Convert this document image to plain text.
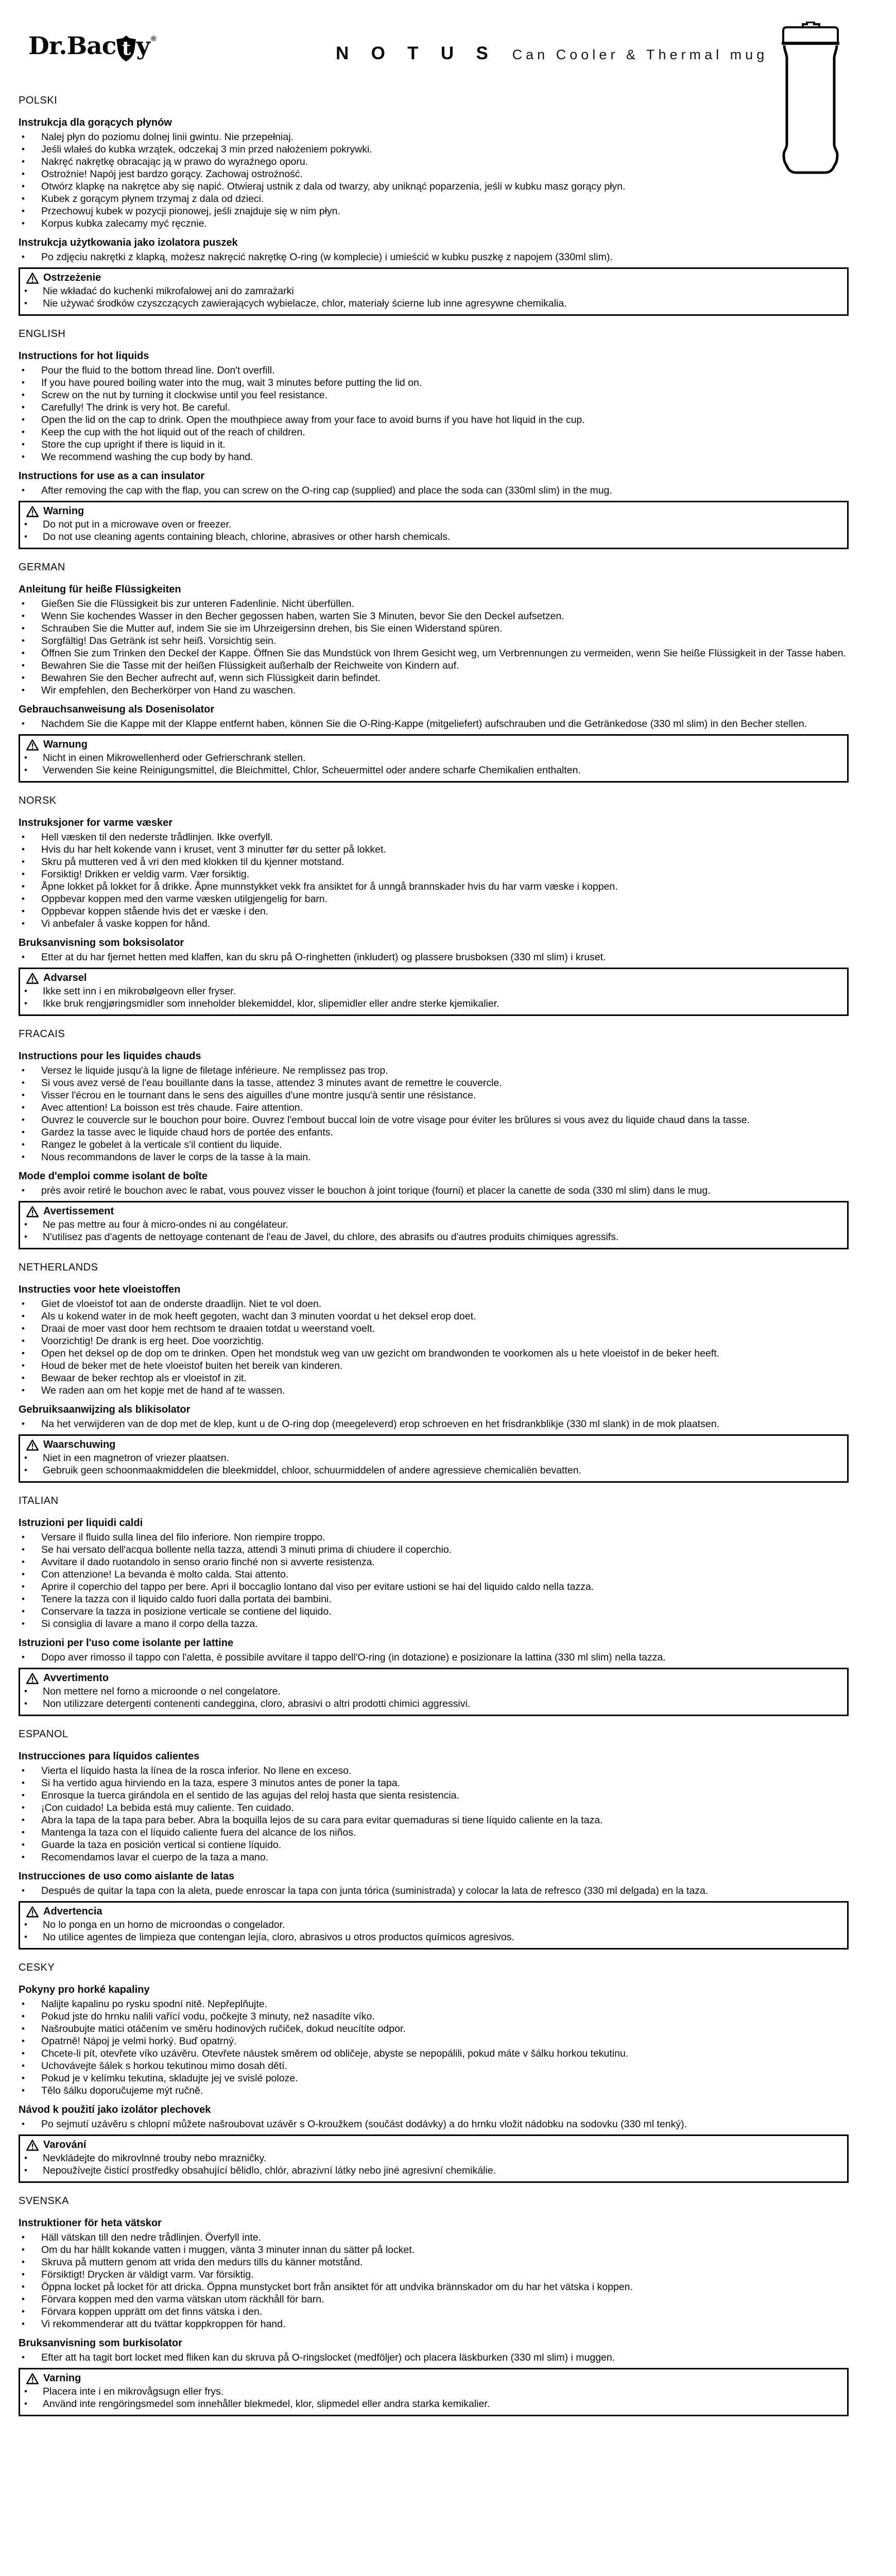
Dr.Bac t y®
N O T U S Can Cooler & Thermal mug
POLSKI
Instrukcja dla gorących płynów
• Nalej płyn do poziomu dolnej linii gwintu. Nie przepełniaj.
• Jeśli wlałeś do kubka wrzątek, odczekaj 3 min przed nałożeniem pokrywki.
• Nakręć nakrętkę obracając ją w prawo do wyraźnego oporu.
• Ostrożnie! Napój jest bardzo gorący. Zachowaj ostrożność.
• Otwórz klapkę na nakrętce aby się napić. Otwieraj ustnik z dala od twarzy, aby uniknąć poparzenia, jeśli w kubku masz gorący płyn.
• Kubek z gorącym płynem trzymaj z dala od dzieci.
• Przechowuj kubek w pozycji pionowej, jeśli znajduje się w nim płyn.
• Korpus kubka zalecamy myć ręcznie.
Instrukcja użytkowania jako izolatora puszek
• Po zdjęciu nakrętki z klapką, możesz nakręcić nakrętkę O-ring (w komplecie) i umieścić w kubku puszkę z napojem (330ml slim).
Ostrzeżenie
• Nie wkładać do kuchenki mikrofalowej ani do zamrażarki
• Nie używać środków czyszczących zawierających wybielacze, chlor, materiały ścierne lub inne agresywne chemikalia.
ENGLISH
Instructions for hot liquids
• Pour the fluid to the bottom thread line. Don't overfill.
• If you have poured boiling water into the mug, wait 3 minutes before putting the lid on.
• Screw on the nut by turning it clockwise until you feel resistance.
• Carefully! The drink is very hot. Be careful.
• Open the lid on the cap to drink. Open the mouthpiece away from your face to avoid burns if you have hot liquid in the cup.
• Keep the cup with the hot liquid out of the reach of children.
• Store the cup upright if there is liquid in it.
• We recommend washing the cup body by hand.
Instructions for use as a can insulator
• After removing the cap with the flap, you can screw on the O-ring cap (supplied) and place the soda can (330ml slim) in the mug.
Warning
• Do not put in a microwave oven or freezer.
• Do not use cleaning agents containing bleach, chlorine, abrasives or other harsh chemicals.
GERMAN
Anleitung für heiße Flüssigkeiten
• Gießen Sie die Flüssigkeit bis zur unteren Fadenlinie. Nicht überfüllen.
• Wenn Sie kochendes Wasser in den Becher gegossen haben, warten Sie 3 Minuten, bevor Sie den Deckel aufsetzen.
• Schrauben Sie die Mutter auf, indem Sie sie im Uhrzeigersinn drehen, bis Sie einen Widerstand spüren.
• Sorgfältig! Das Getränk ist sehr heiß. Vorsichtig sein.
• Öffnen Sie zum Trinken den Deckel der Kappe. Öffnen Sie das Mundstück von Ihrem Gesicht weg, um Verbrennungen zu vermeiden, wenn Sie heiße Flüssigkeit in der Tasse haben.
• Bewahren Sie die Tasse mit der heißen Flüssigkeit außerhalb der Reichweite von Kindern auf.
• Bewahren Sie den Becher aufrecht auf, wenn sich Flüssigkeit darin befindet.
• Wir empfehlen, den Becherkörper von Hand zu waschen.
Gebrauchsanweisung als Dosenisolator
• Nachdem Sie die Kappe mit der Klappe entfernt haben, können Sie die O-Ring-Kappe (mitgeliefert) aufschrauben und die Getränkedose (330 ml slim) in den Becher stellen.
Warnung
• Nicht in einen Mikrowellenherd oder Gefrierschrank stellen.
• Verwenden Sie keine Reinigungsmittel, die Bleichmittel, Chlor, Scheuermittel oder andere scharfe Chemikalien enthalten.
NORSK
Instruksjoner for varme væsker
• Hell væsken til den nederste trådlinjen. Ikke overfyll.
• Hvis du har helt kokende vann i kruset, vent 3 minutter før du setter på lokket.
• Skru på mutteren ved å vri den med klokken til du kjenner motstand.
• Forsiktig! Drikken er veldig varm. Vær forsiktig.
• Åpne lokket på lokket for å drikke. Åpne munnstykket vekk fra ansiktet for å unngå brannskader hvis du har varm væske i koppen.
• Oppbevar koppen med den varme væsken utilgjengelig for barn.
• Oppbevar koppen stående hvis det er væske i den.
• Vi anbefaler å vaske koppen for hånd.
Bruksanvisning som boksisolator
• Etter at du har fjernet hetten med klaffen, kan du skru på O-ringhetten (inkludert) og plassere brusboksen (330 ml slim) i kruset.
Advarsel
• Ikke sett inn i en mikrobølgeovn eller fryser.
• Ikke bruk rengjøringsmidler som inneholder blekemiddel, klor, slipemidler eller andre sterke kjemikalier.
FRACAIS
Instructions pour les liquides chauds
• Versez le liquide jusqu'à la ligne de filetage inférieure. Ne remplissez pas trop.
• Si vous avez versé de l'eau bouillante dans la tasse, attendez 3 minutes avant de remettre le couvercle.
• Visser l'écrou en le tournant dans le sens des aiguilles d'une montre jusqu'à sentir une résistance.
• Avec attention! La boisson est très chaude. Faire attention.
• Ouvrez le couvercle sur le bouchon pour boire. Ouvrez l'embout buccal loin de votre visage pour éviter les brûlures si vous avez du liquide chaud dans la tasse.
• Gardez la tasse avec le liquide chaud hors de portée des enfants.
• Rangez le gobelet à la verticale s'il contient du liquide.
• Nous recommandons de laver le corps de la tasse à la main.
Mode d'emploi comme isolant de boîte
• près avoir retiré le bouchon avec le rabat, vous pouvez visser le bouchon à joint torique (fourni) et placer la canette de soda (330 ml slim) dans le mug.
Avertissement
• Ne pas mettre au four à micro-ondes ni au congélateur.
• N'utilisez pas d'agents de nettoyage contenant de l'eau de Javel, du chlore, des abrasifs ou d'autres produits chimiques agressifs.
NETHERLANDS
Instructies voor hete vloeistoffen
• Giet de vloeistof tot aan de onderste draadlijn. Niet te vol doen.
• Als u kokend water in de mok heeft gegoten, wacht dan 3 minuten voordat u het deksel erop doet.
• Draai de moer vast door hem rechtsom te draaien totdat u weerstand voelt.
• Voorzichtig! De drank is erg heet. Doe voorzichtig.
• Open het deksel op de dop om te drinken. Open het mondstuk weg van uw gezicht om brandwonden te voorkomen als u hete vloeistof in de beker heeft.
• Houd de beker met de hete vloeistof buiten het bereik van kinderen.
• Bewaar de beker rechtop als er vloeistof in zit.
• We raden aan om het kopje met de hand af te wassen.
Gebruiksaanwijzing als blikisolator
• Na het verwijderen van de dop met de klep, kunt u de O-ring dop (meegeleverd) erop schroeven en het frisdrankblikje (330 ml slank) in de mok plaatsen.
Waarschuwing
• Niet in een magnetron of vriezer plaatsen.
• Gebruik geen schoonmaakmiddelen die bleekmiddel, chloor, schuurmiddelen of andere agressieve chemicaliën bevatten.
ITALIAN
Istruzioni per liquidi caldi
• Versare il fluido sulla linea del filo inferiore. Non riempire troppo.
• Se hai versato dell'acqua bollente nella tazza, attendi 3 minuti prima di chiudere il coperchio.
• Avvitare il dado ruotandolo in senso orario finché non si avverte resistenza.
• Con attenzione! La bevanda è molto calda. Stai attento.
• Aprire il coperchio del tappo per bere. Apri il boccaglio lontano dal viso per evitare ustioni se hai del liquido caldo nella tazza.
• Tenere la tazza con il liquido caldo fuori dalla portata dei bambini.
• Conservare la tazza in posizione verticale se contiene del liquido.
• Si consiglia di lavare a mano il corpo della tazza.
Istruzioni per l'uso come isolante per lattine
• Dopo aver rimosso il tappo con l'aletta, è possibile avvitare il tappo dell'O-ring (in dotazione) e posizionare la lattina (330 ml slim) nella tazza.
Avvertimento
• Non mettere nel forno a microonde o nel congelatore.
• Non utilizzare detergenti contenenti candeggina, cloro, abrasivi o altri prodotti chimici aggressivi.
ESPANOL
Instrucciones para líquidos calientes
• Vierta el líquido hasta la línea de la rosca inferior. No llene en exceso.
• Si ha vertido agua hirviendo en la taza, espere 3 minutos antes de poner la tapa.
• Enrosque la tuerca girándola en el sentido de las agujas del reloj hasta que sienta resistencia.
• ¡Con cuidado! La bebida está muy caliente. Ten cuidado.
• Abra la tapa de la tapa para beber. Abra la boquilla lejos de su cara para evitar quemaduras si tiene líquido caliente en la taza.
• Mantenga la taza con el líquido caliente fuera del alcance de los niños.
• Guarde la taza en posición vertical si contiene líquido.
• Recomendamos lavar el cuerpo de la taza a mano.
Instrucciones de uso como aislante de latas
• Después de quitar la tapa con la aleta, puede enroscar la tapa con junta tórica (suministrada) y colocar la lata de refresco (330 ml delgada) en la taza.
Advertencia
• No lo ponga en un horno de microondas o congelador.
• No utilice agentes de limpieza que contengan lejía, cloro, abrasivos u otros productos químicos agresivos.
CESKY
Pokyny pro horké kapaliny
• Nalijte kapalinu po rysku spodní nitě. Nepřeplňujte.
• Pokud jste do hrnku nalili vařící vodu, počkejte 3 minuty, než nasadíte víko.
• Našroubujte matici otáčením ve směru hodinových ručiček, dokud neucítíte odpor.
• Opatrně! Nápoj je velmi horký. Buď opatrný.
• Chcete-li pít, otevřete víko uzávěru. Otevřete náustek směrem od obličeje, abyste se nepopálili, pokud máte v šálku horkou tekutinu.
• Uchovávejte šálek s horkou tekutinou mimo dosah dětí.
• Pokud je v kelímku tekutina, skladujte jej ve svislé poloze.
• Tělo šálku doporučujeme mýt ručně.
Návod k použití jako izolátor plechovek
• Po sejmutí uzávěru s chlopní můžete našroubovat uzávěr s O-kroužkem (součást dodávky) a do hrnku vložit nádobku na sodovku (330 ml tenký).
Varování
• Nevkládejte do mikrovlnné trouby nebo mrazničky.
• Nepoužívejte čisticí prostředky obsahující bělidlo, chlór, abrazivní látky nebo jiné agresivní chemikálie.
SVENSKA
Instruktioner för heta vätskor
• Häll vätskan till den nedre trådlinjen. Överfyll inte.
• Om du har hällt kokande vatten i muggen, vänta 3 minuter innan du sätter på locket.
• Skruva på muttern genom att vrida den medurs tills du känner motstånd.
• Försiktigt! Drycken är väldigt varm. Var försiktig.
• Öppna locket på locket för att dricka. Öppna munstycket bort från ansiktet för att undvika brännskador om du har het vätska i koppen.
• Förvara koppen med den varma vätskan utom räckhåll för barn.
• Förvara koppen upprätt om det finns vätska i den.
• Vi rekommenderar att du tvättar koppkroppen för hand.
Bruksanvisning som burkisolator
• Efter att ha tagit bort locket med fliken kan du skruva på O-ringslocket (medföljer) och placera läskburken (330 ml slim) i muggen.
Varning
• Placera inte i en mikrovågsugn eller frys.
• Använd inte rengöringsmedel som innehåller blekmedel, klor, slipmedel eller andra starka kemikalier.
